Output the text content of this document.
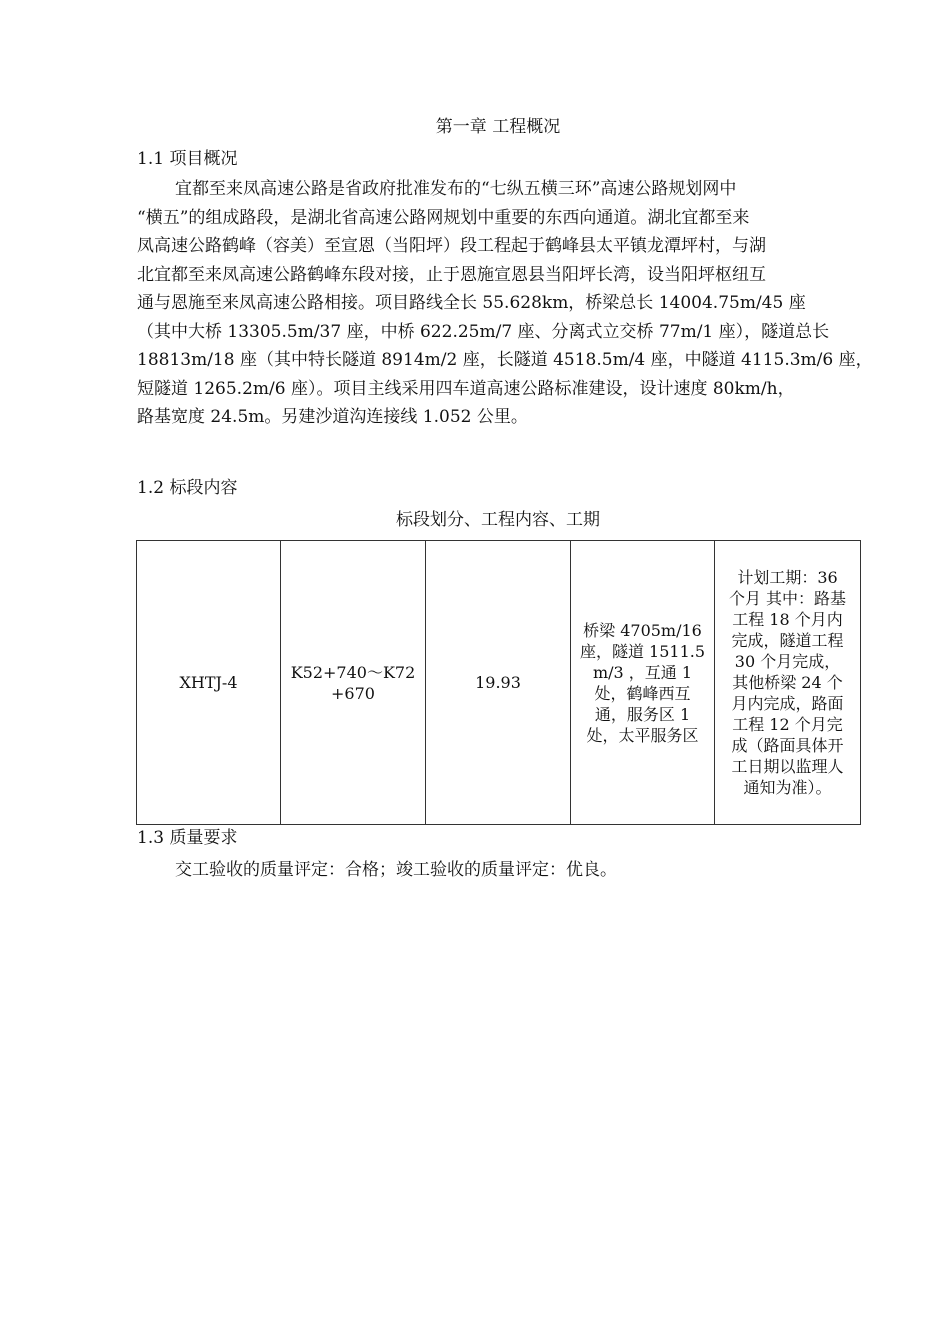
第一章 工程概况
1.1 项目概况
宜都至来凤高速公路是省政府批准发布的“七纵五横三环”高速公路规划网中
“横五”的组成路段，是湖北省高速公路网规划中重要的东西向通道。湖北宜都至来
凤高速公路鹤峰（容美）至宣恩（当阳坪）段工程起于鹤峰县太平镇龙潭坪村，与湖
北宜都至来凤高速公路鹤峰东段对接，止于恩施宣恩县当阳坪长湾，设当阳坪枢纽互
通与恩施至来凤高速公路相接。项目路线全长 55.628km，桥梁总长 14004.75m/45 座
（其中大桥 13305.5m/37 座，中桥 622.25m/7 座、分离式立交桥 77m/1 座），隧道总长
18813m/18 座（其中特长隧道 8914m/2 座，长隧道 4518.5m/4 座，中隧道 4115.3m/6 座，
短隧道 1265.2m/6 座）。项目主线采用四车道高速公路标准建设，设计速度 80km/h，
路基宽度 24.5m。另建沙道沟连接线 1.052 公里。
1.2 标段内容
标段划分、工程内容、工期
XHTJ-4	K52+740～K72+670	19.93	桥梁 4705m/16 座，隧道 1511.5m/3 ，互通 1 处，鹤峰西互通，服务区 1 处，太平服务区	计划工期：36 个月 其中：路基工程 18 个月内完成，隧道工程 30 个月完成，其他桥梁 24 个月内完成，路面工程 12 个月完成（路面具体开工日期以监理人通知为准）。
1.3 质量要求
交工验收的质量评定：合格；竣工验收的质量评定：优良。
